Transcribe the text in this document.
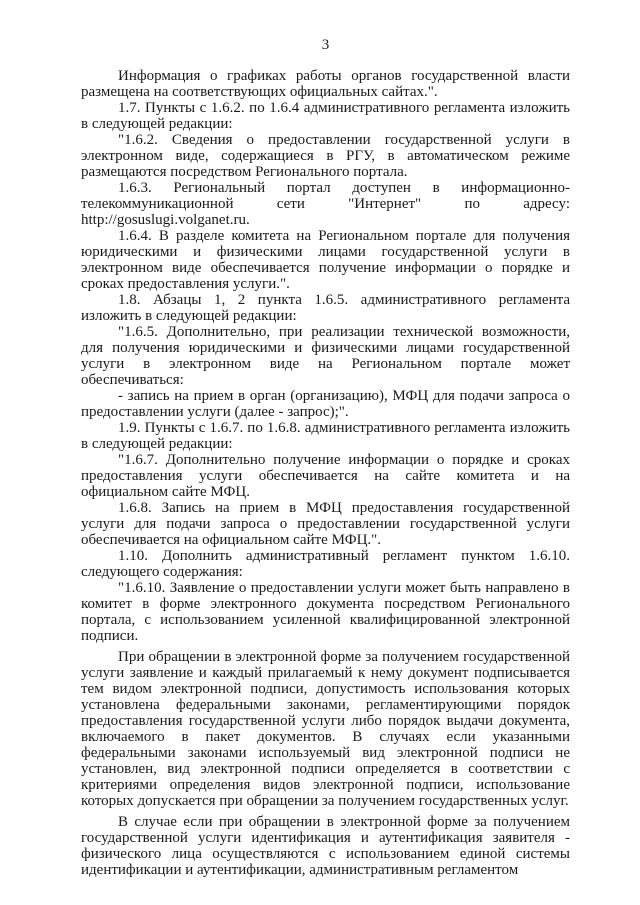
3

Информация о графиках работы органов государственной власти размещена на соответствующих официальных сайтах.".

1.7. Пункты с 1.6.2. по 1.6.4 административного регламента изложить в следующей редакции:

"1.6.2. Сведения о предоставлении государственной услуги в электронном виде, содержащиеся в РГУ, в автоматическом режиме размещаются посредством Регионального портала.

1.6.3. Региональный портал доступен в информационно-телекоммуникационной сети "Интернет" по адресу: http://gosuslugi.volganet.ru.

1.6.4. В разделе комитета на Региональном портале для получения юридическими и физическими лицами государственной услуги в электронном виде обеспечивается получение информации о порядке и сроках предоставления услуги.".

1.8. Абзацы 1, 2 пункта 1.6.5. административного регламента изложить в следующей редакции:

"1.6.5. Дополнительно, при реализации технической возможности, для получения юридическими и физическими лицами государственной услуги в электронном виде на Региональном портале может обеспечиваться:

- запись на прием в орган (организацию), МФЦ для подачи запроса о предоставлении услуги (далее - запрос);".

1.9. Пункты с 1.6.7. по 1.6.8. административного регламента изложить в следующей редакции:

"1.6.7. Дополнительно получение информации о порядке и сроках предоставления услуги обеспечивается на сайте комитета и на официальном сайте МФЦ.

1.6.8. Запись на прием в МФЦ предоставления государственной услуги для подачи запроса о предоставлении государственной услуги обеспечивается на официальном сайте МФЦ.".

1.10. Дополнить административный регламент пунктом 1.6.10. следующего содержания:

"1.6.10. Заявление о предоставлении услуги может быть направлено в комитет в форме электронного документа посредством Регионального портала, с использованием усиленной квалифицированной электронной подписи.

При обращении в электронной форме за получением государственной услуги заявление и каждый прилагаемый к нему документ подписывается тем видом электронной подписи, допустимость использования которых установлена федеральными законами, регламентирующими порядок предоставления государственной услуги либо порядок выдачи документа, включаемого в пакет документов. В случаях если указанными федеральными законами используемый вид электронной подписи не установлен, вид электронной подписи определяется в соответствии с критериями определения видов электронной подписи, использование которых допускается при обращении за получением государственных услуг.

В случае если при обращении в электронной форме за получением государственной услуги идентификация и аутентификация заявителя - физического лица осуществляются с использованием единой системы идентификации и аутентификации, административным регламентом
